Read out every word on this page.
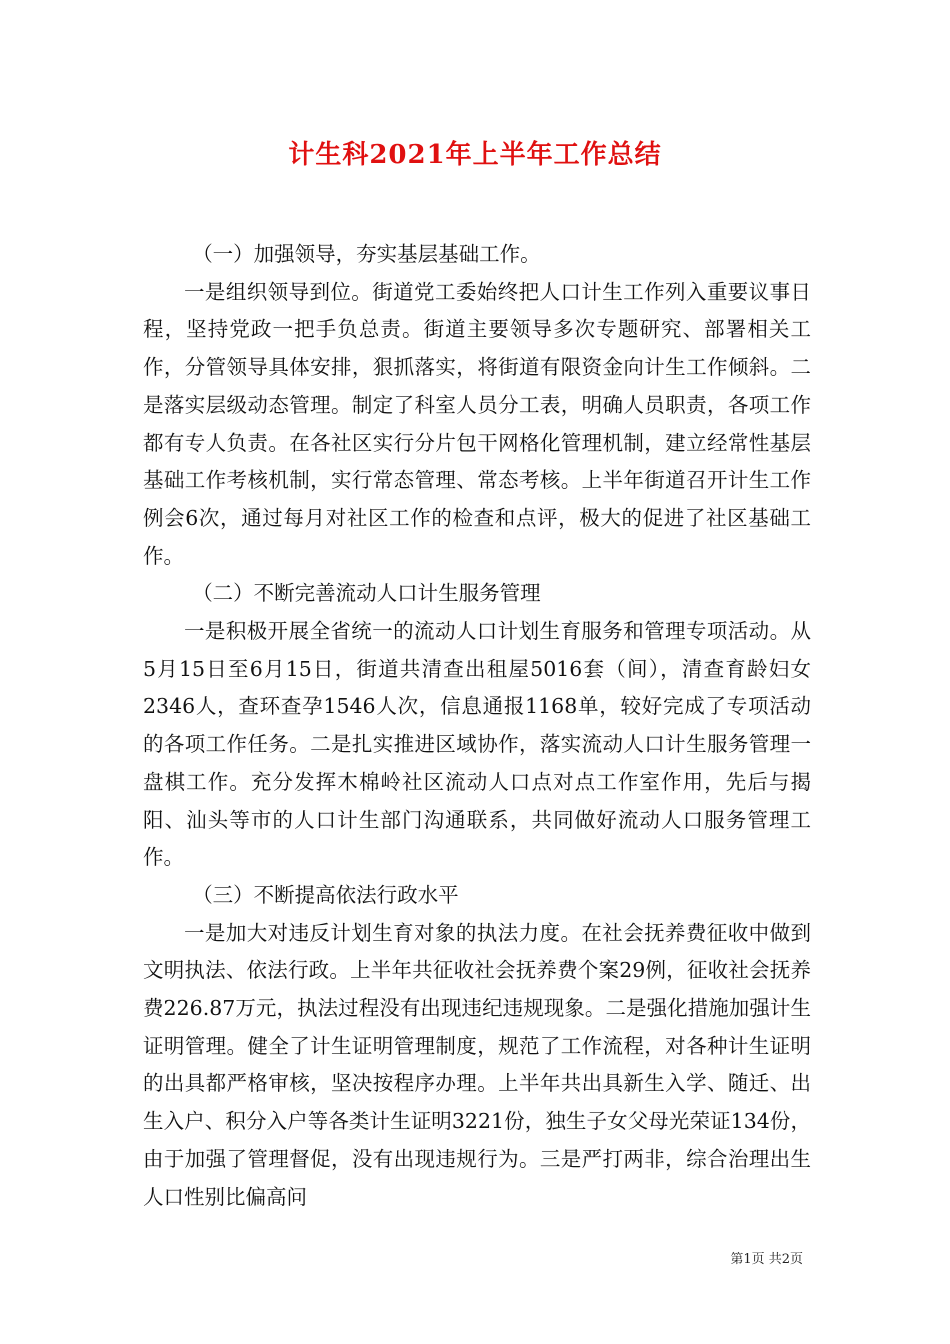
计生科2021年上半年工作总结

（一）加强领导，夯实基层基础工作。

一是组织领导到位。街道党工委始终把人口计生工作列入重要议事日程，坚持党政一把手负总责。街道主要领导多次专题研究、部署相关工作，分管领导具体安排，狠抓落实，将街道有限资金向计生工作倾斜。二是落实层级动态管理。制定了科室人员分工表，明确人员职责，各项工作都有专人负责。在各社区实行分片包干网格化管理机制，建立经常性基层基础工作考核机制，实行常态管理、常态考核。上半年街道召开计生工作例会6次，通过每月对社区工作的检查和点评，极大的促进了社区基础工作。

（二）不断完善流动人口计生服务管理

一是积极开展全省统一的流动人口计划生育服务和管理专项活动。从5月15日至6月15日，街道共清查出租屋5016套（间），清查育龄妇女2346人，查环查孕1546人次，信息通报1168单，较好完成了专项活动的各项工作任务。二是扎实推进区域协作，落实流动人口计生服务管理一盘棋工作。充分发挥木棉岭社区流动人口点对点工作室作用，先后与揭阳、汕头等市的人口计生部门沟通联系，共同做好流动人口服务管理工作。

（三）不断提高依法行政水平

一是加大对违反计划生育对象的执法力度。在社会抚养费征收中做到文明执法、依法行政。上半年共征收社会抚养费个案29例，征收社会抚养费226.87万元，执法过程没有出现违纪违规现象。二是强化措施加强计生证明管理。健全了计生证明管理制度，规范了工作流程，对各种计生证明的出具都严格审核，坚决按程序办理。上半年共出具新生入学、随迁、出生入户、积分入户等各类计生证明3221份，独生子女父母光荣证134份，由于加强了管理督促，没有出现违规行为。三是严打两非，综合治理出生人口性别比偏高问

第1页 共2页
